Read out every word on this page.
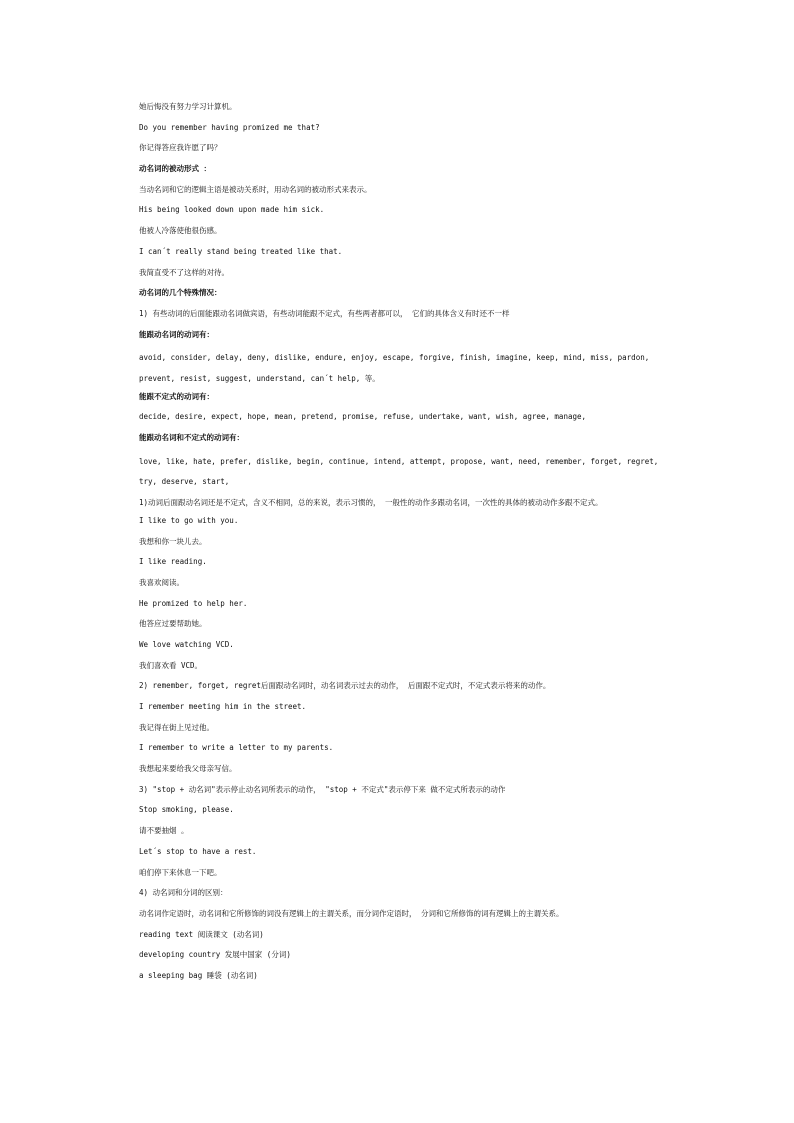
她后悔没有努力学习计算机。
Do you remember having promized me that?
你记得答应我许愿了吗？
动名词的被动形式 ：
当动名词和它的逻辑主语是被动关系时，用动名词的被动形式来表示。
His being looked down upon made him sick.
他被人冷落使他很伤感。
I can´t really stand being treated like that.
我简直受不了这样的对待。
动名词的几个特殊情况：
1) 有些动词的后面能跟动名词做宾语，有些动词能跟不定式，有些两者都可以， 它们的具体含义有时还不一样
能跟动名词的动词有：
avoid, consider, delay, deny, dislike, endure, enjoy, escape, forgive, finish, imagine, keep, mind, miss, pardon, prevent, resist, suggest, understand, can´t help, 等。
能跟不定式的动词有：
decide, desire, expect, hope, mean, pretend, promise, refuse, undertake, want, wish, agree, manage,
能跟动名词和不定式的动词有：
love, like, hate, prefer, dislike, begin, continue, intend, attempt, propose, want, need, remember, forget, regret, try, deserve, start,
1)动词后面跟动名词还是不定式，含义不相同，总的来说，表示习惯的， 一般性的动作多跟动名词，一次性的具体的被动动作多跟不定式。
I like to go with you.
我想和你一块儿去。
I like reading.
我喜欢阅读。
He promized to help her.
他答应过要帮助她。
We love watching VCD.
我们喜欢看 VCD。
2) remember, forget, regret后面跟动名词时，动名词表示过去的动作， 后面跟不定式时，不定式表示将来的动作。
I remember meeting him in the street.
我记得在街上见过他。
I remember to write a letter to my parents.
我想起来要给我父母亲写信。
3) "stop + 动名词"表示停止动名词所表示的动作， "stop + 不定式"表示停下来 做不定式所表示的动作
Stop smoking, please.
请不要抽烟 。
Let´s stop to have a rest.
咱们停下来休息一下吧。
4) 动名词和分词的区别：
动名词作定语时，动名词和它所修饰的词没有逻辑上的主谓关系，而分词作定语时， 分词和它所修饰的词有逻辑上的主谓关系。
reading text 阅读课文 (动名词)
developing country 发展中国家 (分词)
a sleeping bag 睡袋 (动名词)
